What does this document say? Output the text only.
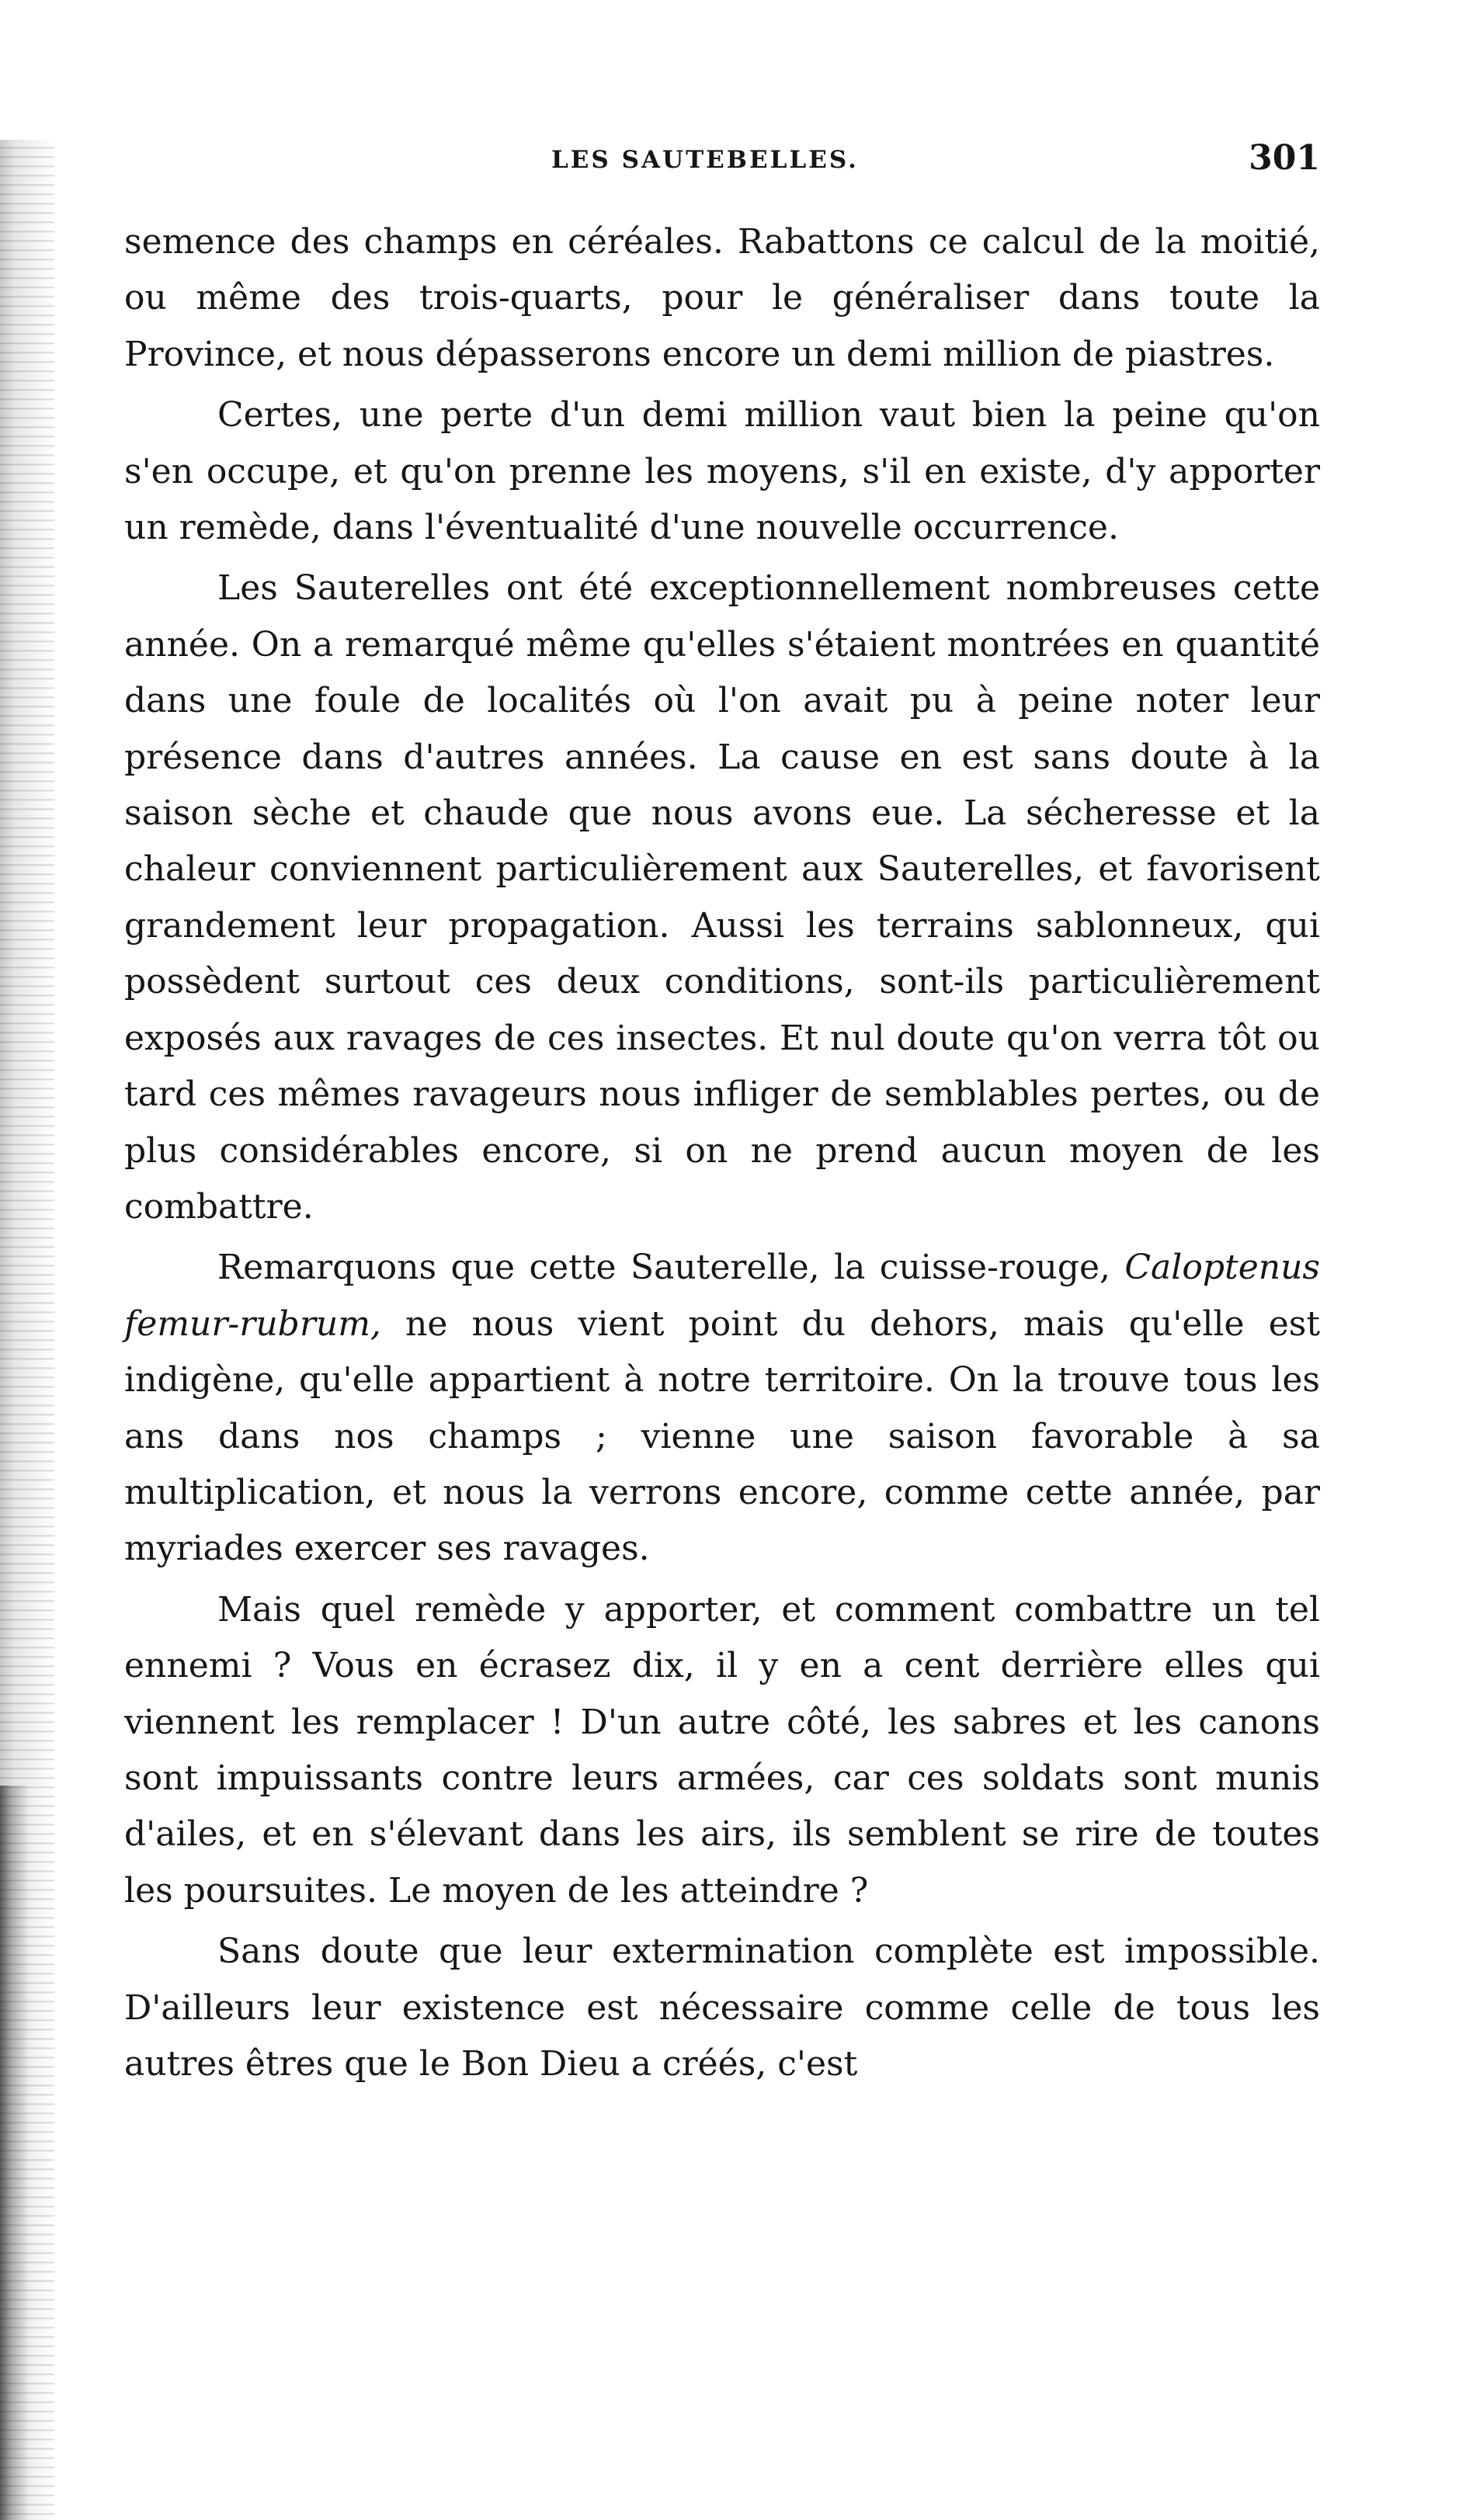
LES SAUTEBELLES.	301

semence des champs en céréales. Rabattons ce calcul de la moitié, ou même des trois-quarts, pour le généraliser dans toute la Province, et nous dépasserons encore un demi million de piastres.

Certes, une perte d'un demi million vaut bien la peine qu'on s'en occupe, et qu'on prenne les moyens, s'il en existe, d'y apporter un remède, dans l'éventualité d'une nouvelle occurrence.

Les Sauterelles ont été exceptionnellement nombreuses cette année. On a remarqué même qu'elles s'étaient montrées en quantité dans une foule de localités où l'on avait pu à peine noter leur présence dans d'autres années. La cause en est sans doute à la saison sèche et chaude que nous avons eue. La sécheresse et la chaleur conviennent particulièrement aux Sauterelles, et favorisent grandement leur propagation. Aussi les terrains sablonneux, qui possèdent surtout ces deux conditions, sont-ils particulièrement exposés aux ravages de ces insectes. Et nul doute qu'on verra tôt ou tard ces mêmes ravageurs nous infliger de semblables pertes, ou de plus considérables encore, si on ne prend aucun moyen de les combattre.

Remarquons que cette Sauterelle, la cuisse-rouge, Caloptenus femur-rubrum, ne nous vient point du dehors, mais qu'elle est indigène, qu'elle appartient à notre territoire. On la trouve tous les ans dans nos champs ; vienne une saison favorable à sa multiplication, et nous la verrons encore, comme cette année, par myriades exercer ses ravages.

Mais quel remède y apporter, et comment combattre un tel ennemi ? Vous en écrasez dix, il y en a cent derrière elles qui viennent les remplacer ! D'un autre côté, les sabres et les canons sont impuissants contre leurs armées, car ces soldats sont munis d'ailes, et en s'élevant dans les airs, ils semblent se rire de toutes les poursuites. Le moyen de les atteindre ?

Sans doute que leur extermination complète est impossible. D'ailleurs leur existence est nécessaire comme celle de tous les autres êtres que le Bon Dieu a créés, c'est
